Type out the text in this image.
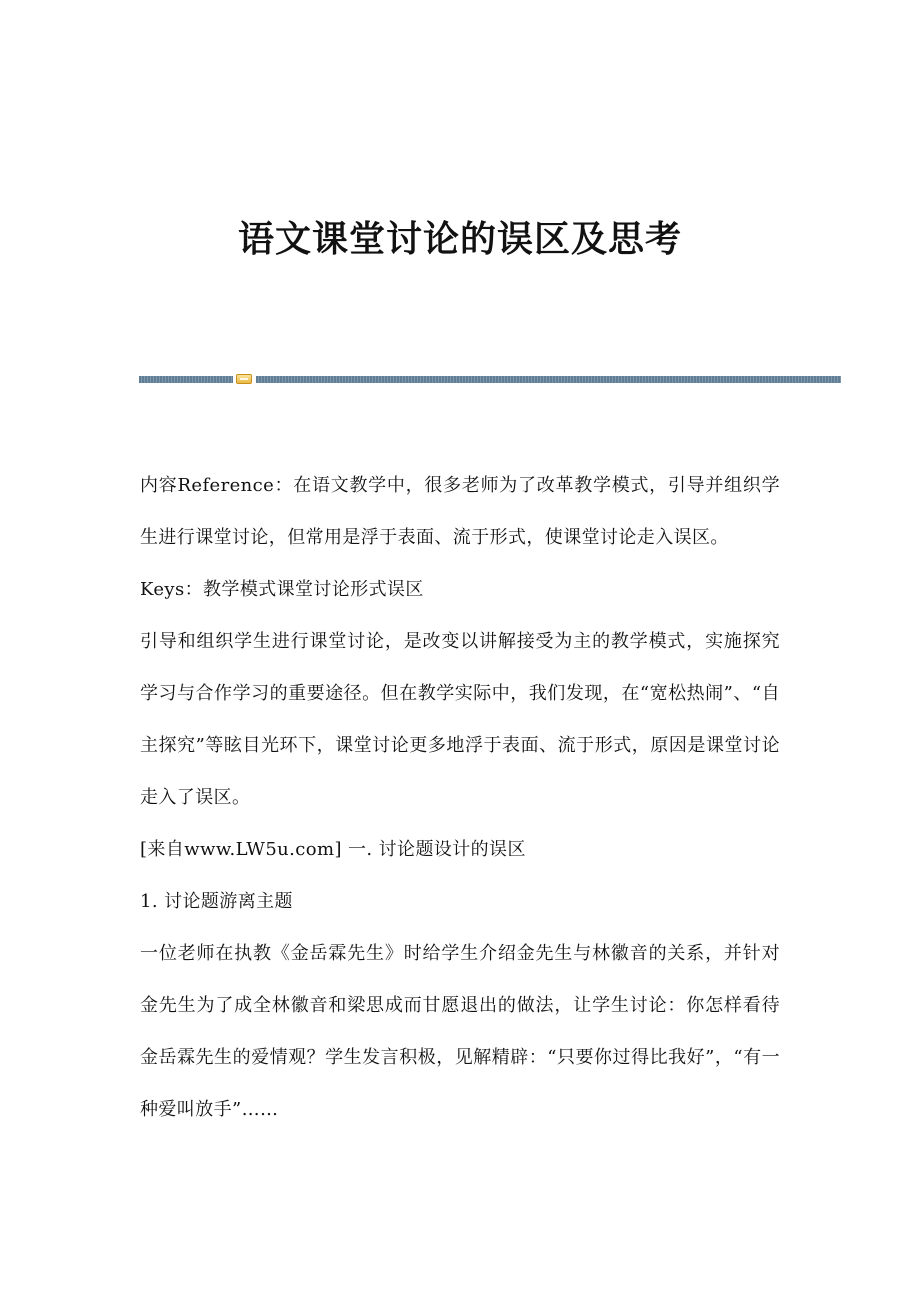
语文课堂讨论的误区及思考

内容Reference：在语文教学中，很多老师为了改革教学模式，引导并组织学生进行课堂讨论，但常用是浮于表面、流于形式，使课堂讨论走入误区。

Keys：教学模式课堂讨论形式误区

引导和组织学生进行课堂讨论，是改变以讲解接受为主的教学模式，实施探究学习与合作学习的重要途径。但在教学实际中，我们发现，在“宽松热闹”、“自主探究”等眩目光环下，课堂讨论更多地浮于表面、流于形式，原因是课堂讨论走入了误区。

[来自www.LW5u.com] 一. 讨论题设计的误区

1. 讨论题游离主题

一位老师在执教《金岳霖先生》时给学生介绍金先生与林徽音的关系，并针对金先生为了成全林徽音和梁思成而甘愿退出的做法，让学生讨论：你怎样看待金岳霖先生的爱情观？学生发言积极，见解精辟：“只要你过得比我好”，“有一种爱叫放手”……
